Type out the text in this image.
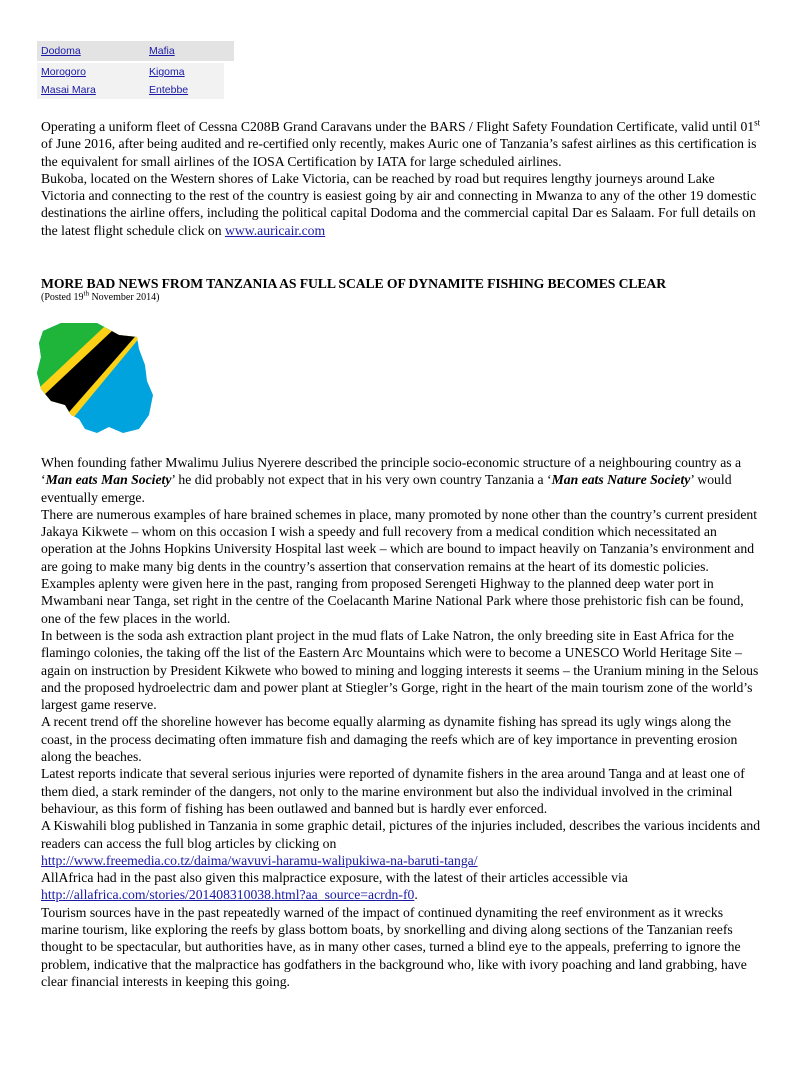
Dodoma	Mafia
Morogoro	Kigoma
Masai Mara	Entebbe

Operating a uniform fleet of Cessna C208B Grand Caravans under the BARS / Flight Safety Foundation Certificate, valid until 01st of June 2016, after being audited and re-certified only recently, makes Auric one of Tanzania’s safest airlines as this certification is the equivalent for small airlines of the IOSA Certification by IATA for large scheduled airlines.

Bukoba, located on the Western shores of Lake Victoria, can be reached by road but requires lengthy journeys around Lake Victoria and connecting to the rest of the country is easiest going by air and connecting in Mwanza to any of the other 19 domestic destinations the airline offers, including the political capital Dodoma and the commercial capital Dar es Salaam. For full details on the latest flight schedule click on www.auricair.com

MORE BAD NEWS FROM TANZANIA AS FULL SCALE OF DYNAMITE FISHING BECOMES CLEAR
(Posted 19th November 2014)

When founding father Mwalimu Julius Nyerere described the principle socio-economic structure of a neighbouring country as a ‘Man eats Man Society’ he did probably not expect that in his very own country Tanzania a ‘Man eats Nature Society’ would eventually emerge.

There are numerous examples of hare brained schemes in place, many promoted by none other than the country’s current president Jakaya Kikwete – whom on this occasion I wish a speedy and full recovery from a medical condition which necessitated an operation at the Johns Hopkins University Hospital last week – which are bound to impact heavily on Tanzania’s environment and are going to make many big dents in the country’s assertion that conservation remains at the heart of its domestic policies.

Examples aplenty were given here in the past, ranging from proposed Serengeti Highway to the planned deep water port in Mwambani near Tanga, set right in the centre of the Coelacanth Marine National Park where those prehistoric fish can be found, one of the few places in the world.

In between is the soda ash extraction plant project in the mud flats of Lake Natron, the only breeding site in East Africa for the flamingo colonies, the taking off the list of the Eastern Arc Mountains which were to become a UNESCO World Heritage Site – again on instruction by President Kikwete who bowed to mining and logging interests it seems – the Uranium mining in the Selous and the proposed hydroelectric dam and power plant at Stiegler’s Gorge, right in the heart of the main tourism zone of the world’s largest game reserve.

A recent trend off the shoreline however has become equally alarming as dynamite fishing has spread its ugly wings along the coast, in the process decimating often immature fish and damaging the reefs which are of key importance in preventing erosion along the beaches.

Latest reports indicate that several serious injuries were reported of dynamite fishers in the area around Tanga and at least one of them died, a stark reminder of the dangers, not only to the marine environment but also the individual involved in the criminal behaviour, as this form of fishing has been outlawed and banned but is hardly ever enforced.

A Kiswahili blog published in Tanzania in some graphic detail, pictures of the injuries included, describes the various incidents and readers can access the full blog articles by clicking on
http://www.freemedia.co.tz/daima/wavuvi-haramu-walipukiwa-na-baruti-tanga/

AllAfrica had in the past also given this malpractice exposure, with the latest of their articles accessible via
http://allafrica.com/stories/201408310038.html?aa_source=acrdn-f0.

Tourism sources have in the past repeatedly warned of the impact of continued dynamiting the reef environment as it wrecks marine tourism, like exploring the reefs by glass bottom boats, by snorkelling and diving along sections of the Tanzanian reefs thought to be spectacular, but authorities have, as in many other cases, turned a blind eye to the appeals, preferring to ignore the problem, indicative that the malpractice has godfathers in the background who, like with ivory poaching and land grabbing, have clear financial interests in keeping this going.
